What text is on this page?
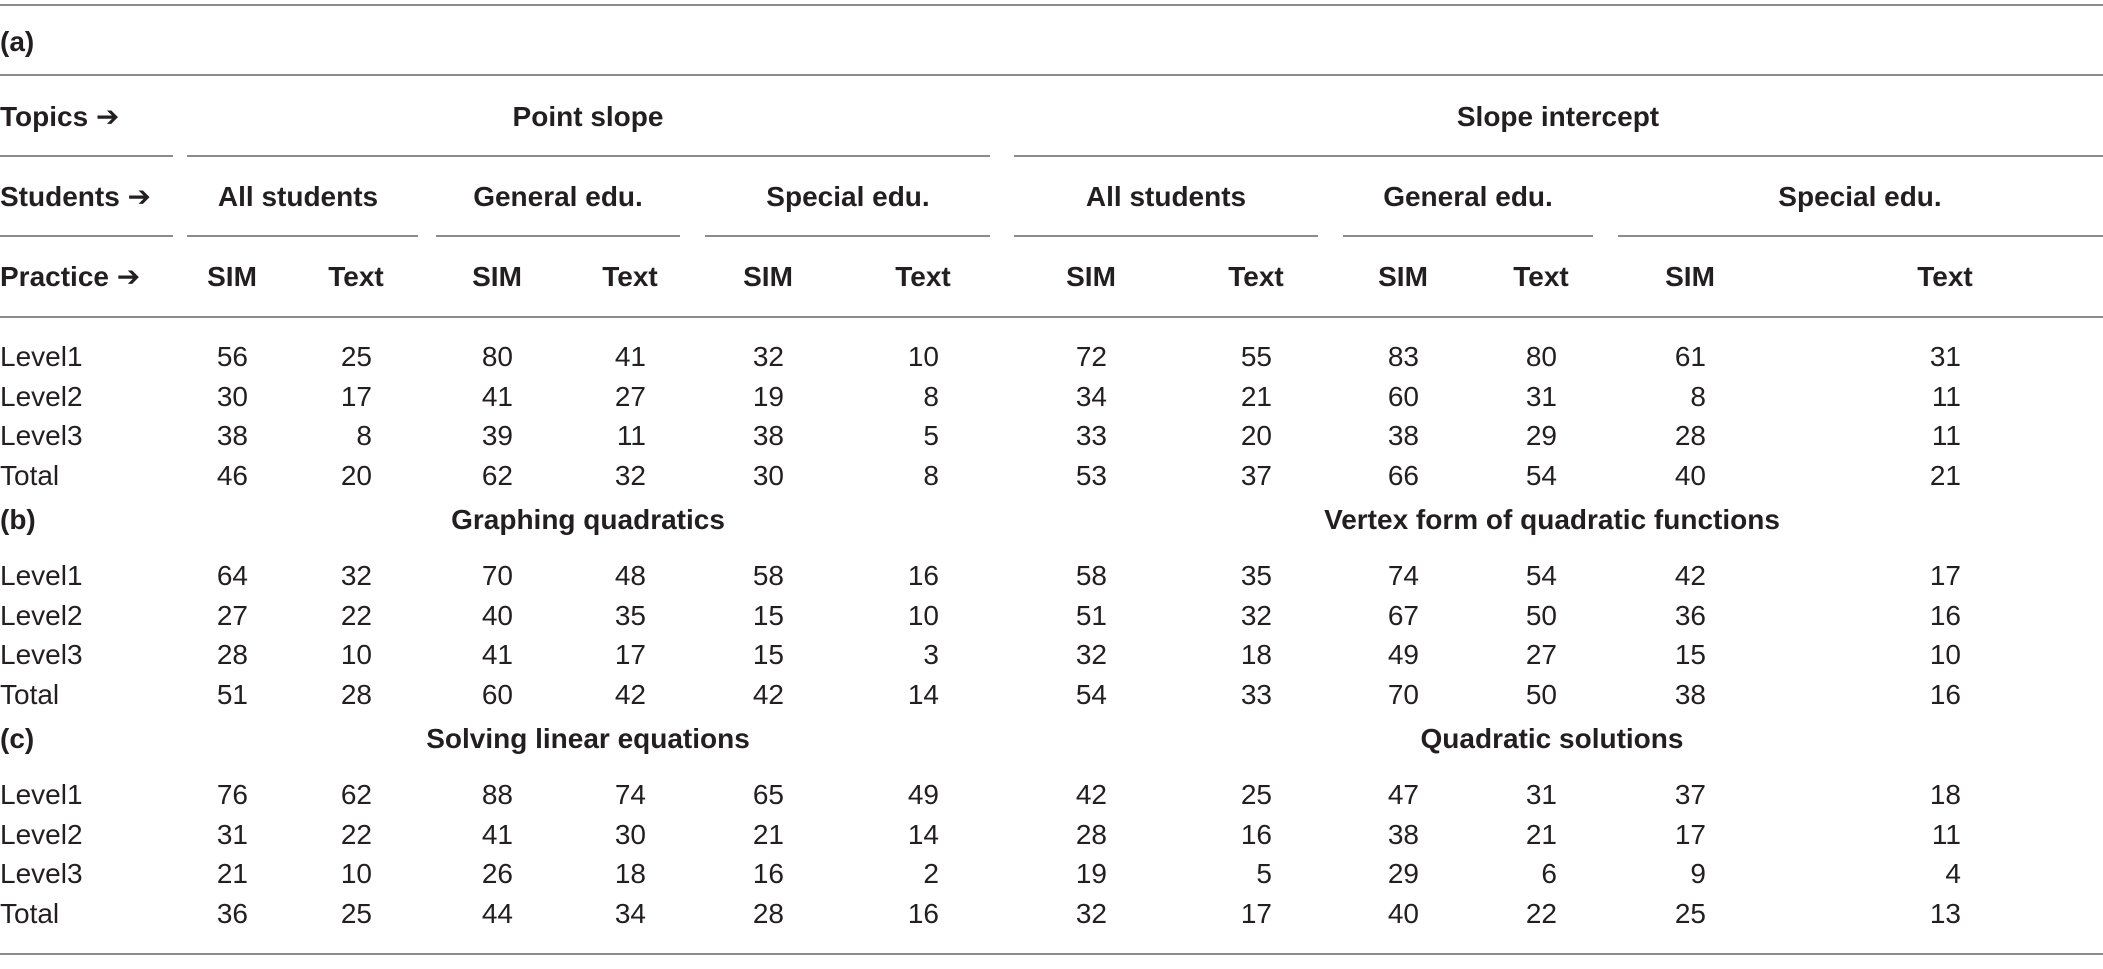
(a)
Topics ➔	Point slope	Slope intercept
Students ➔ All students	General edu.	Special edu.	All students	General edu.	Special edu.
Practice ➔ SIM	Text	SIM	Text	SIM	Text	SIM	Text	SIM	Text	SIM	Text
Level1	56	25	80	41	32	10	72	55	83	80	61	31
Level2	30	17	41	27	19	8	34	21	60	31	8	11
Level3	38	8	39	11	38	5	33	20	38	29	28	11
Total	46	20	62	32	30	8	53	37	66	54	40	21
(b)	Graphing quadratics	Vertex form of quadratic functions
Level1	64	32	70	48	58	16	58	35	74	54	42	17
Level2	27	22	40	35	15	10	51	32	67	50	36	16
Level3	28	10	41	17	15	3	32	18	49	27	15	10
Total	51	28	60	42	42	14	54	33	70	50	38	16
(c)	Solving linear equations	Quadratic solutions
Level1	76	62	88	74	65	49	42	25	47	31	37	18
Level2	31	22	41	30	21	14	28	16	38	21	17	11
Level3	21	10	26	18	16	2	19	5	29	6	9	4
Total	36	25	44	34	28	16	32	17	40	22	25	13
